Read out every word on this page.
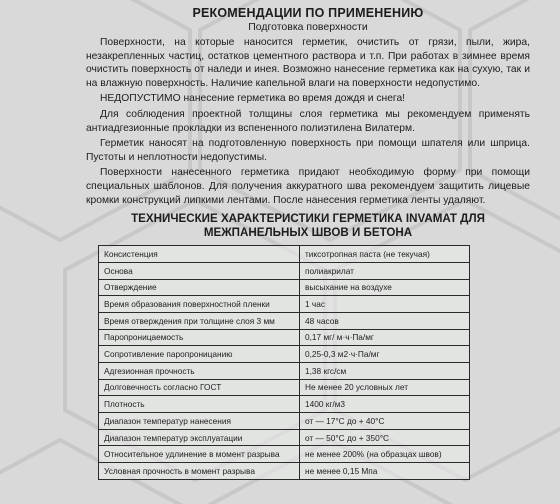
РЕКОМЕНДАЦИИ ПО ПРИМЕНЕНИЮ
Подготовка поверхности

Поверхности, на которые наносится герметик, очистить от грязи, пыли, жира, незакрепленных частиц, остатков цементного раствора и т.п. При работах в зимнее время очистить поверхность от наледи и инея. Возможно нанесение герметика как на сухую, так и на влажную поверхность. Наличие капельной влаги на поверхности недопустимо.

НЕДОПУСТИМО нанесение герметика во время дождя и снега!

Для соблюдения проектной толщины слоя герметика мы рекомендуем применять антиадгезионные прокладки из вспененного полиэтилена Вилатерм.

Герметик наносят на подготовленную поверхность при помощи шпателя или шприца. Пустоты и неплотности недопустимы.

Поверхности нанесенного герметика придают необходимую форму при помощи специальных шаблонов. Для получения аккуратного шва рекомендуем защитить лицевые кромки конструкций липкими лентами. После нанесения герметика ленты удаляют.

ТЕХНИЧЕСКИЕ ХАРАКТЕРИСТИКИ ГЕРМЕТИКА INVAMAT ДЛЯ МЕЖПАНЕЛЬНЫХ ШВОВ И БЕТОНА
Консистенция	тиксотропная паста (не текучая)
Основа	полиакрилат
Отверждение	высыхание на воздухе
Время образования поверхностной пленки	1 час
Время отверждения при толщине слоя 3 мм	48 часов
Паропроницаемость	0,17 мг/ м·ч·Па/мг
Сопротивление паропроницанию	0,25-0,3 м2·ч·Па/мг
Адгезионная прочность	1,38 кгс/см
Долговечность согласно ГОСТ	Не менее 20 условных лет
Плотность	1400 кг/м3
Диапазон температур нанесения	от — 17°С до + 40°С
Диапазон температур эксплуатации	от — 50°С до + 350°С
Относительное удлинение в момент разрыва	не менее 200% (на образцах швов)
Условная прочность в момент разрыва	не менее 0,15 Мпа
